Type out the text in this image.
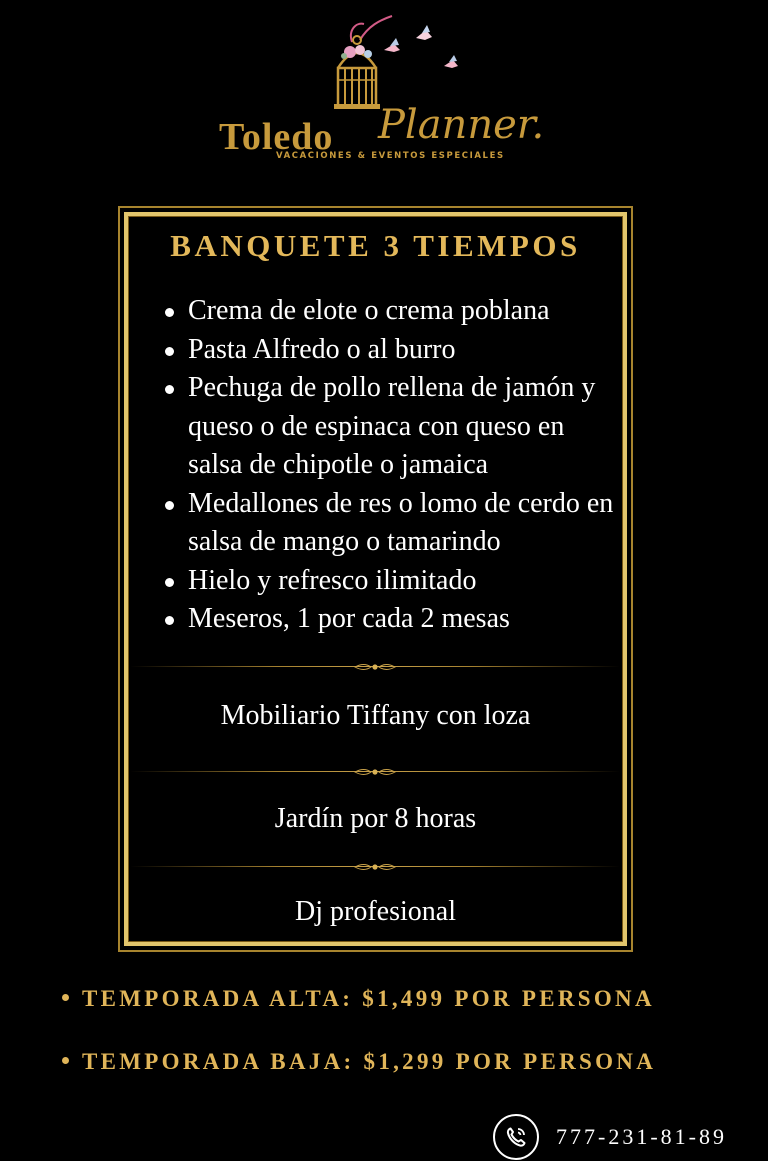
Toledo Planner.
VACACIONES & EVENTOS ESPECIALES
BANQUETE 3 TIEMPOS
Crema de elote o crema poblana
Pasta Alfredo o al burro
Pechuga de pollo rellena de jamón y queso o de espinaca con queso en salsa de chipotle o jamaica
Medallones de res o lomo de cerdo en salsa de mango o tamarindo
Hielo y refresco ilimitado
Meseros, 1 por cada 2 mesas
Mobiliario Tiffany con loza
Jardín por 8 horas
Dj profesional
TEMPORADA ALTA: $1,499 POR PERSONA
TEMPORADA BAJA: $1,299 POR PERSONA
777-231-81-89
